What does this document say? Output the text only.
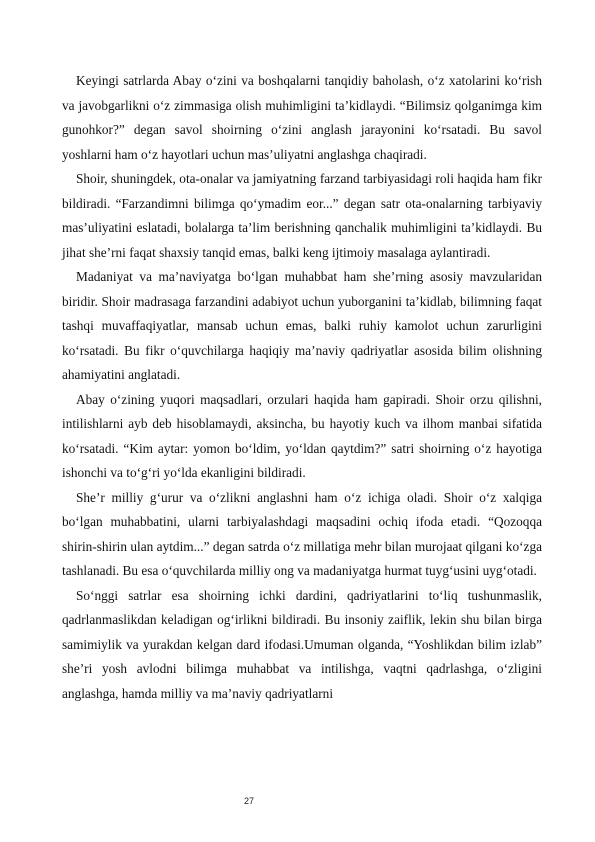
Keyingi satrlarda Abay o‘zini va boshqalarni tanqidiy baholash, o‘z xatolarini ko‘rish va javobgarlikni o‘z zimmasiga olish muhimligini ta’kidlaydi. “Bilimsiz qolganimga kim gunohkor?” degan savol shoirning o‘zini anglash jarayonini ko‘rsatadi. Bu savol yoshlarni ham o‘z hayotlari uchun mas’uliyatni anglashga chaqiradi.

Shoir, shuningdek, ota-onalar va jamiyatning farzand tarbiyasidagi roli haqida ham fikr bildiradi. “Farzandimni bilimga qo‘ymadim eor...” degan satr ota-onalarning tarbiyaviy mas’uliyatini eslatadi, bolalarga ta’lim berishning qanchalik muhimligini ta’kidlaydi. Bu jihat she’rni faqat shaxsiy tanqid emas, balki keng ijtimoiy masalaga aylantiradi.

Madaniyat va ma’naviyatga bo‘lgan muhabbat ham she’rning asosiy mavzularidan biridir. Shoir madrasaga farzandini adabiyot uchun yuborganini ta’kidlab, bilimning faqat tashqi muvaffaqiyatlar, mansab uchun emas, balki ruhiy kamolot uchun zarurligini ko‘rsatadi. Bu fikr o‘quvchilarga haqiqiy ma’naviy qadriyatlar asosida bilim olishning ahamiyatini anglatadi.

Abay o‘zining yuqori maqsadlari, orzulari haqida ham gapiradi. Shoir orzu qilishni, intilishlarni ayb deb hisoblamaydi, aksincha, bu hayotiy kuch va ilhom manbai sifatida ko‘rsatadi. “Kim aytar: yomon bo‘ldim, yo‘ldan qaytdim?” satri shoirning o‘z hayotiga ishonchi va to‘g‘ri yo‘lda ekanligini bildiradi.

She’r milliy g‘urur va o‘zlikni anglashni ham o‘z ichiga oladi. Shoir o‘z xalqiga bo‘lgan muhabbatini, ularni tarbiyalashdagi maqsadini ochiq ifoda etadi. “Qozoqqa shirin-shirin ulan aytdim...” degan satrda o‘z millatiga mehr bilan murojaat qilgani ko‘zga tashlanadi. Bu esa o‘quvchilarda milliy ong va madaniyatga hurmat tuyg‘usini uyg‘otadi.

So‘nggi satrlar esa shoirning ichki dardini, qadriyatlarini to‘liq tushunmaslik, qadrlanmaslikdan keladigan og‘irlikni bildiradi. Bu insoniy zaiflik, lekin shu bilan birga samimiylik va yurakdan kelgan dard ifodasi.Umuman olganda, “Yoshlikdan bilim izlab” she’ri yosh avlodni bilimga muhabbat va intilishga, vaqtni qadrlashga, o‘zligini anglashga, hamda milliy va ma’naviy qadriyatlarni

27
